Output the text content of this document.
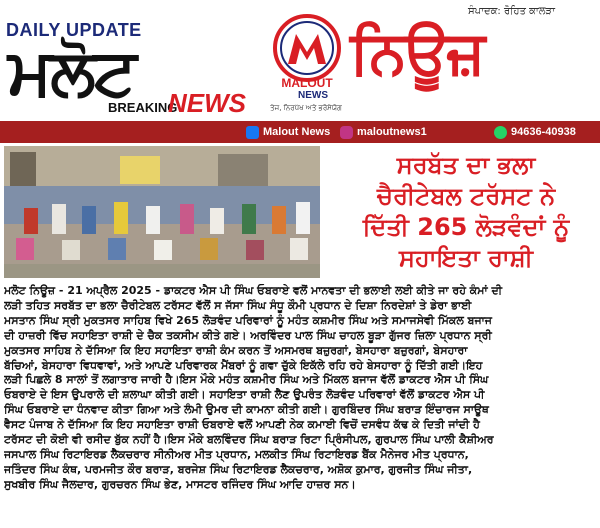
DAILY UPDATE
ਮਲੋਟ
BREAKING
NEWS
MALOUT
NEWS
ਤੇਜ, ਨਿਰਪੱਖ ਅਤੇ ਭਰੋਸੇਯੋਗ
ਸੰਪਾਦਕ: ਰੋਹਿਤ ਕਾਲੜਾ
ਨਿਊਜ਼
Malout News maloutnews1	94636-40938
ਸਰਬੱਤ ਦਾ ਭਲਾ
ਚੈਰੀਟੇਬਲ ਟਰੱਸਟ ਨੇ
ਦਿੱਤੀ 265 ਲੋੜਵੰਦਾਂ ਨੂੰ
ਸਹਾਇਤਾ ਰਾਸ਼ੀ
ਮਲੋਟ ਨਿਊਜ਼ - 21 ਅਪ੍ਰੈਲ 2025 - ਡਾਕਟਰ ਐਸ ਪੀ ਸਿੰਘ ਓਬਰਾਏ ਵਲੋਂ ਮਾਨਵਤਾ ਦੀ ਭਲਾਈ ਲਈ ਕੀਤੇ ਜਾ ਰਹੇ ਕੰਮਾਂ ਦੀ
ਲੜੀ ਤਹਿਤ ਸਰਬੱਤ ਦਾ ਭਲਾ ਚੈਰੀਟੇਬਲ ਟਰੱਸਟ ਵੱਲੋਂ ਸ ਜੱਸਾ ਸਿੰਘ ਸੰਧੂ ਕੌਮੀ ਪ੍ਰਧਾਨ ਦੇ ਦਿਸ਼ਾ ਨਿਰਦੇਸ਼ਾਂ ਤੇ ਡੇਰਾ ਭਾਈ
ਮਸਤਾਨ ਸਿੰਘ ਸ੍ਰੀ ਮੁਕਤਸਰ ਸਾਹਿਬ ਵਿਖੇ 265 ਲੋੜਵੰਦ ਪਰਿਵਾਰਾਂ ਨੂੰ ਮਹੰਤ ਕਸ਼ਮੀਰ ਸਿੰਘ ਅਤੇ ਸਮਾਜਸੇਵੀ ਮਿੱਕਲ ਬਜਾਜ
ਦੀ ਹਾਜ਼ਰੀ ਵਿੱਚ ਸਹਾਇਤਾ ਰਾਸ਼ੀ ਦੇ ਚੈਕ ਤਕਸੀਮ ਕੀਤੇ ਗਏ। ਅਰਵਿੰਦਰ ਪਾਲ ਸਿੰਘ ਚਾਹਲ ਬੂੜਾ ਗੁੱਜਰ ਜ਼ਿਲਾ ਪ੍ਰਧਾਨ ਸ੍ਰੀ
ਮੁਕਤਸਰ ਸਾਹਿਬ ਨੇ ਦੱਸਿਆ ਕਿ ਇਹ ਸਹਾਇਤਾ ਰਾਸ਼ੀ ਕੰਮ ਕਰਨ ਤੋਂ ਅਸਮਰਥ ਬਜ਼ੁਰਗਾਂ, ਬੇਸਹਾਰਾ ਬਜ਼ੁਰਗਾਂ, ਬੇਸਹਾਰਾ
ਬੱਚਿਆਂ, ਬੇਸਹਾਰਾ ਵਿਧਵਾਵਾਂ, ਅਤੇ ਆਪਣੇ ਪਰਿਵਾਰਕ ਮੈਂਬਰਾਂ ਨੂੰ ਗਵਾ ਚੁੱਕੇ ਇਕੱਲੇ ਰਹਿ ਰਹੇ ਬੇਸਹਾਰਾ ਨੂੰ ਦਿੱਤੀ ਗਈ।ਇਹ
ਲੜੀ ਪਿਛਲੇ 8 ਸਾਲਾਂ ਤੋਂ ਲਗਾਤਾਰ ਜਾਰੀ ਹੈ।ਇਸ ਮੌਕੇ ਮਹੰਤ ਕਸ਼ਮੀਰ ਸਿੰਘ ਅਤੇ ਮਿੱਕਲ ਬਜਾਜ ਵੱਲੋਂ ਡਾਕਟਰ ਐਸ ਪੀ ਸਿੰਘ
ਓਬਰਾਏ ਦੇ ਇਸ ਉਪਰਾਲੇ ਦੀ ਸ਼ਲਾਘਾ ਕੀਤੀ ਗਈ। ਸਹਾਇਤਾ ਰਾਸ਼ੀ ਲੈਣ ਉਪਰੰਤ ਲੋੜਵੰਦ ਪਰਿਵਾਰਾਂ ਵੱਲੋਂ ਡਾਕਟਰ ਐਸ ਪੀ
ਸਿੰਘ ਓਬਰਾਏ ਦਾ ਧੰਨਵਾਦ ਕੀਤਾ ਗਿਆ ਅਤੇ ਲੰਮੀ ਉਮਰ ਦੀ ਕਾਮਨਾ ਕੀਤੀ ਗਈ। ਗੁਰਬਿੰਦਰ ਸਿੰਘ ਬਰਾੜ ਇੰਚਾਰਜ ਸਾਊਥ
ਵੈਸਟ ਪੰਜਾਬ ਨੇ ਦੱਸਿਆ ਕਿ ਇਹ ਸਹਾਇਤਾ ਰਾਸ਼ੀ ਓਬਰਾਏ ਵਲੋਂ ਆਪਣੀ ਨੇਕ ਕਮਾਈ ਵਿਚੋਂ ਦਸਵੰਧ ਕੱਢ ਕੇ ਦਿਤੀ ਜਾਂਦੀ ਹੈ
ਟਰੱਸਟ ਦੀ ਕੋਈ ਵੀ ਰਸੀਦ ਬੁੱਕ ਨਹੀਂ ਹੈ।ਇਸ ਮੌਕੇ ਬਲਵਿੰਦਰ ਸਿੰਘ ਬਰਾੜ ਰਿਟਾ ਪ੍ਰਿੰਸੀਪਲ, ਗੁਰਪਾਲ ਸਿੰਘ ਪਾਲੀ ਕੈਸ਼ੀਅਰ
ਜਸਪਾਲ ਸਿੰਘ ਰਿਟਾਇਰਡ ਲੈਕਚਰਾਰ ਸੀਨੀਅਰ ਮੀਤ ਪ੍ਰਧਾਨ, ਮਲਕੀਤ ਸਿੰਘ ਰਿਟਾਇਰਡ ਬੈਂਕ ਮੈਨੇਜਰ ਮੀਤ ਪ੍ਰਧਾਨ,
ਜਤਿੰਦਰ ਸਿੰਘ ਕੰਥ, ਪਰਮਜੀਤ ਕੌਰ ਬਰਾੜ, ਬਰਜੇਸ਼ ਸਿੰਘ ਰਿਟਾਇਰਡ ਲੈਕਚਰਾਰ, ਅਸ਼ੋਕ ਕੁਮਾਰ, ਗੁਰਜੀਤ ਸਿੰਘ ਜੀਤਾ,
ਸੁਖਬੀਰ ਸਿੰਘ ਜੈਲਦਾਰ, ਗੁਰਚਰਨ ਸਿੰਘ ਭੇਣ, ਮਾਸਟਰ ਰਜਿੰਦਰ ਸਿੰਘ ਆਦਿ ਹਾਜ਼ਰ ਸਨ।
